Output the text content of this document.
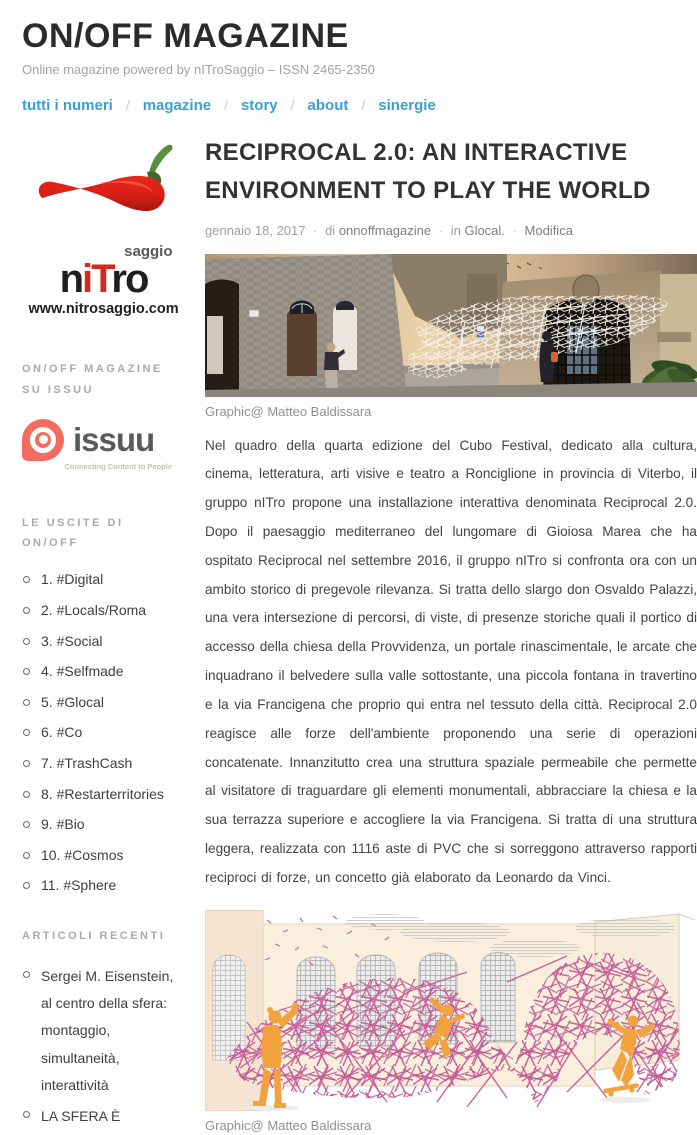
ON/OFF MAGAZINE
Online magazine powered by nITroSaggio – ISSN 2465-2350
tutti i numeri / magazine / story / about / sinergie
saggio
niTro
www.nitrosaggio.com
ON/OFF MAGAZINE SU ISSUU
issuu
Connecting Content to People
LE USCITE DI ON/OFF
1. #Digital
2. #Locals/Roma
3. #Social
4. #Selfmade
5. #Glocal
6. #Co
7. #TrashCash
8. #Restarterritories
9. #Bio
10. #Cosmos
11. #Sphere
ARTICOLI RECENTI
Sergei M. Eisenstein, al centro della sfera: montaggio, simultaneità, interattività
LA SFERA È
RECIPROCAL 2.0: AN INTERACTIVE ENVIRONMENT TO PLAY THE WORLD
gennaio 18, 2017 · di onnoffmagazine · in Glocal. · Modifica
Graphic@ Matteo Baldissara
Nel quadro della quarta edizione del Cubo Festival, dedicato alla cultura, cinema, letteratura, arti visive e teatro a Ronciglione in provincia di Viterbo, il gruppo nITro propone una installazione interattiva denominata Reciprocal 2.0. Dopo il paesaggio mediterraneo del lungomare di Gioiosa Marea che ha ospitato Reciprocal nel settembre 2016, il gruppo nITro si confronta ora con un ambito storico di pregevole rilevanza. Si tratta dello slargo don Osvaldo Palazzi, una vera intersezione di percorsi, di viste, di presenze storiche quali il portico di accesso della chiesa della Provvidenza, un portale rinascimentale, le arcate che inquadrano il belvedere sulla valle sottostante, una piccola fontana in travertino e la via Francigena che proprio qui entra nel tessuto della città. Reciprocal 2.0 reagisce alle forze dell'ambiente proponendo una serie di operazioni concatenate. Innanzitutto crea una struttura spaziale permeabile che permette al visitatore di traguardare gli elementi monumentali, abbracciare la chiesa e la sua terrazza superiore e accogliere la via Francigena. Si tratta di una struttura leggera, realizzata con 1116 aste di PVC che si sorreggono attraverso rapporti reciproci di forze, un concetto già elaborato da Leonardo da Vinci.
Graphic@ Matteo Baldissara
